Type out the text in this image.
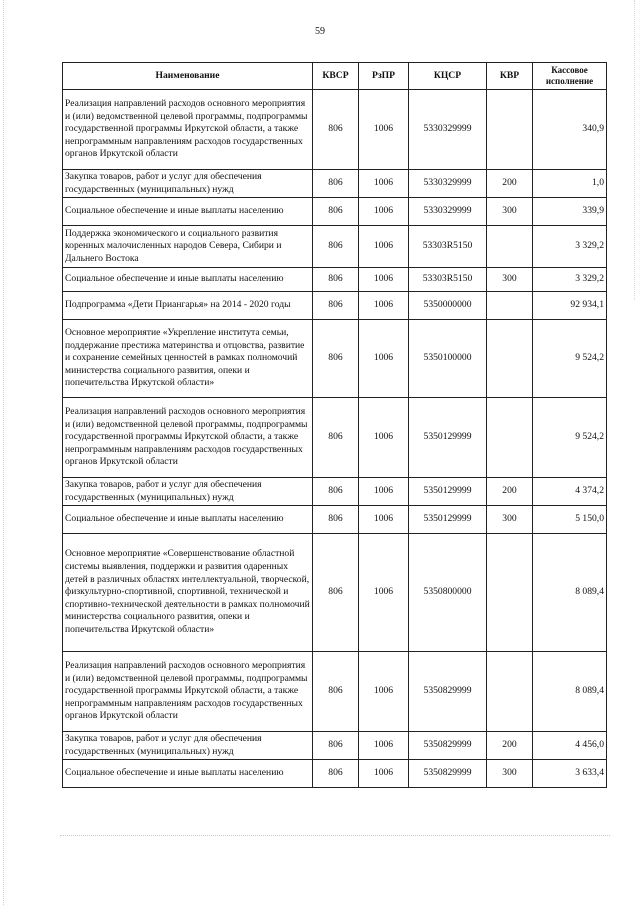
59
Наименование	КВСР	РзПР	КЦСР	КВР	Кассовое исполнение
Реализация направлений расходов основного мероприятия и (или) ведомственной целевой программы, подпрограммы государственной программы Иркутской области, а также непрограммным направлениям расходов государственных органов Иркутской области	806	1006	5330329999		340,9
Закупка товаров, работ и услуг для обеспечения государственных (муниципальных) нужд	806	1006	5330329999	200	1,0
Социальное обеспечение и иные выплаты населению	806	1006	5330329999	300	339,9
Поддержка экономического и социального развития коренных малочисленных народов Севера, Сибири и Дальнего Востока	806	1006	53303R5150		3 329,2
Социальное обеспечение и иные выплаты населению	806	1006	53303R5150	300	3 329,2
Подпрограмма «Дети Приангарья» на 2014 - 2020 годы	806	1006	5350000000		92 934,1
Основное мероприятие «Укрепление института семьи, поддержание престижа материнства и отцовства, развитие и сохранение семейных ценностей в рамках полномочий министерства социального развития, опеки и попечительства Иркутской области»	806	1006	5350100000		9 524,2
Реализация направлений расходов основного мероприятия и (или) ведомственной целевой программы, подпрограммы государственной программы Иркутской области, а также непрограммным направлениям расходов государственных органов Иркутской области	806	1006	5350129999		9 524,2
Закупка товаров, работ и услуг для обеспечения государственных (муниципальных) нужд	806	1006	5350129999	200	4 374,2
Социальное обеспечение и иные выплаты населению	806	1006	5350129999	300	5 150,0
Основное мероприятие «Совершенствование областной системы выявления, поддержки и развития одаренных детей в различных областях интеллектуальной, творческой, физкультурно-спортивной, спортивной, технической и спортивно-технической деятельности в рамках полномочий министерства социального развития, опеки и попечительства Иркутской области»	806	1006	5350800000		8 089,4
Реализация направлений расходов основного мероприятия и (или) ведомственной целевой программы, подпрограммы государственной программы Иркутской области, а также непрограммным направлениям расходов государственных органов Иркутской области	806	1006	5350829999		8 089,4
Закупка товаров, работ и услуг для обеспечения государственных (муниципальных) нужд	806	1006	5350829999	200	4 456,0
Социальное обеспечение и иные выплаты населению	806	1006	5350829999	300	3 633,4
